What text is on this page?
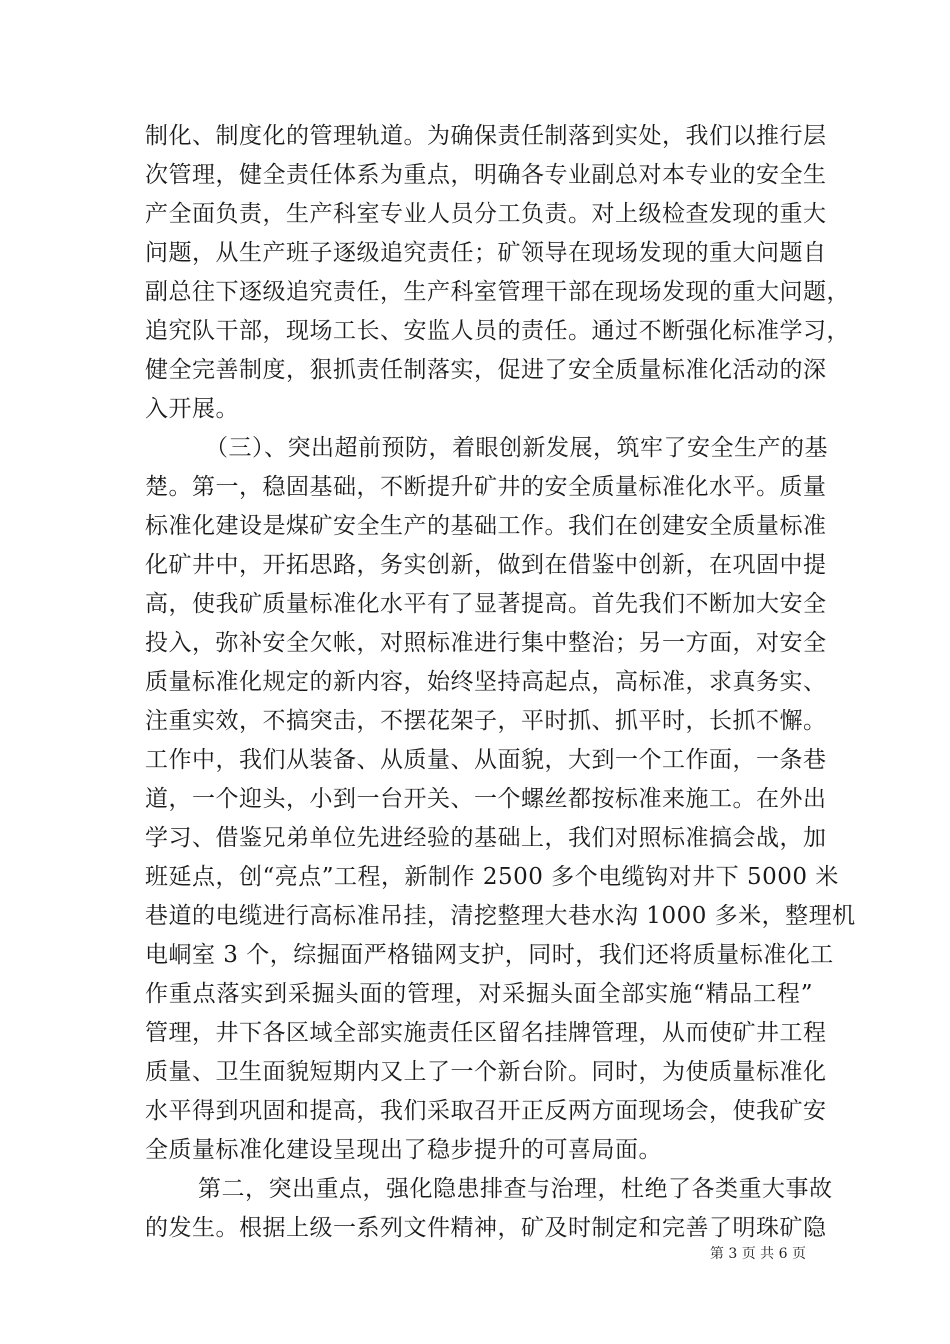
制化、制度化的管理轨道。为确保责任制落到实处，我们以推行层
次管理，健全责任体系为重点，明确各专业副总对本专业的安全生
产全面负责，生产科室专业人员分工负责。对上级检查发现的重大
问题，从生产班子逐级追究责任；矿领导在现场发现的重大问题自
副总往下逐级追究责任，生产科室管理干部在现场发现的重大问题，
追究队干部，现场工长、安监人员的责任。通过不断强化标准学习，
健全完善制度，狠抓责任制落实，促进了安全质量标准化活动的深
入开展。
（三）、突出超前预防，着眼创新发展，筑牢了安全生产的基
楚。第一，稳固基础，不断提升矿井的安全质量标准化水平。质量
标准化建设是煤矿安全生产的基础工作。我们在创建安全质量标准
化矿井中，开拓思路，务实创新，做到在借鉴中创新，在巩固中提
高，使我矿质量标准化水平有了显著提高。首先我们不断加大安全
投入，弥补安全欠帐，对照标准进行集中整治；另一方面，对安全
质量标准化规定的新内容，始终坚持高起点，高标准，求真务实、
注重实效，不搞突击，不摆花架子，平时抓、抓平时，长抓不懈。
工作中，我们从装备、从质量、从面貌，大到一个工作面，一条巷
道，一个迎头，小到一台开关、一个螺丝都按标准来施工。在外出
学习、借鉴兄弟单位先进经验的基础上，我们对照标准搞会战，加
班延点，创“亮点”工程，新制作 2500 多个电缆钩对井下 5000 米
巷道的电缆进行高标准吊挂，清挖整理大巷水沟 1000 多米，整理机
电峒室 3 个，综掘面严格锚网支护，同时，我们还将质量标准化工
作重点落实到采掘头面的管理，对采掘头面全部实施“精品工程”
管理，井下各区域全部实施责任区留名挂牌管理，从而使矿井工程
质量、卫生面貌短期内又上了一个新台阶。同时，为使质量标准化
水平得到巩固和提高，我们采取召开正反两方面现场会，使我矿安
全质量标准化建设呈现出了稳步提升的可喜局面。
第二，突出重点，强化隐患排查与治理，杜绝了各类重大事故
的发生。根据上级一系列文件精神，矿及时制定和完善了明珠矿隐
第 3 页 共 6 页
